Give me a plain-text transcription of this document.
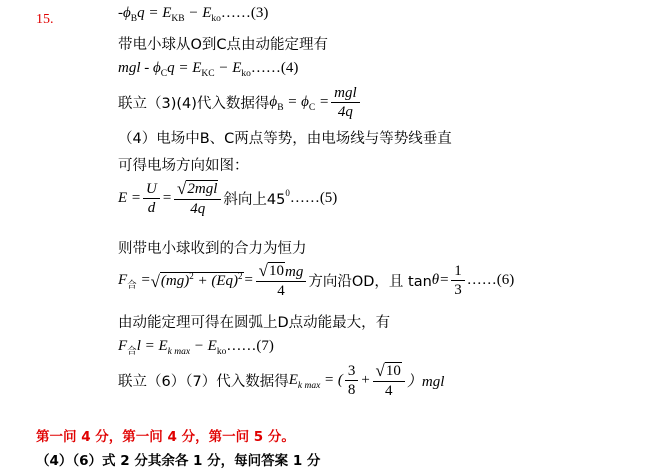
15.	$-\phi_Bq = E_{KB}$ − $E_{ko}\dots\dots(3)$
带电小球从O到C点由动能定理有
mgl - $\phi_Cq = E_{KC}$ − $E_{ko}\dots\dots(4)$
联立（3)(4)代入数据得 $\phi_B = \phi_C = \frac{\text{mgl}}{4q}$
（4）电场中B、C两点等势，由电场线与等势线垂直
可得电场方向如图：
$E = \frac{U}{d} = \frac{\text{√ 2mgl}}{4q}$ 斜向上45 $^0$……(5)
则带电小球收到的合力为恒力
$F_合$ = √ $(mg)^2 + (Eq)^2 = \frac{√ 10 mg}{4}$ 方向沿OD，且 $\tan \theta = \frac{1}{3}$ ……(6)
由动能定理可得在圆弧上D点动能最大，有
$F_合l = E_{k max}$ − $E_{ko}\dots\dots(7)$
联立（6）（7）代入数据得 $E_{k max}$ = ( $\frac{3}{8} + \frac{√ 10}{4} )mgl$
第一问 4 分，第一问 4 分，第一问 5 分。
（4）（6）式 2 分其余各 1 分，每问答案 1 分
